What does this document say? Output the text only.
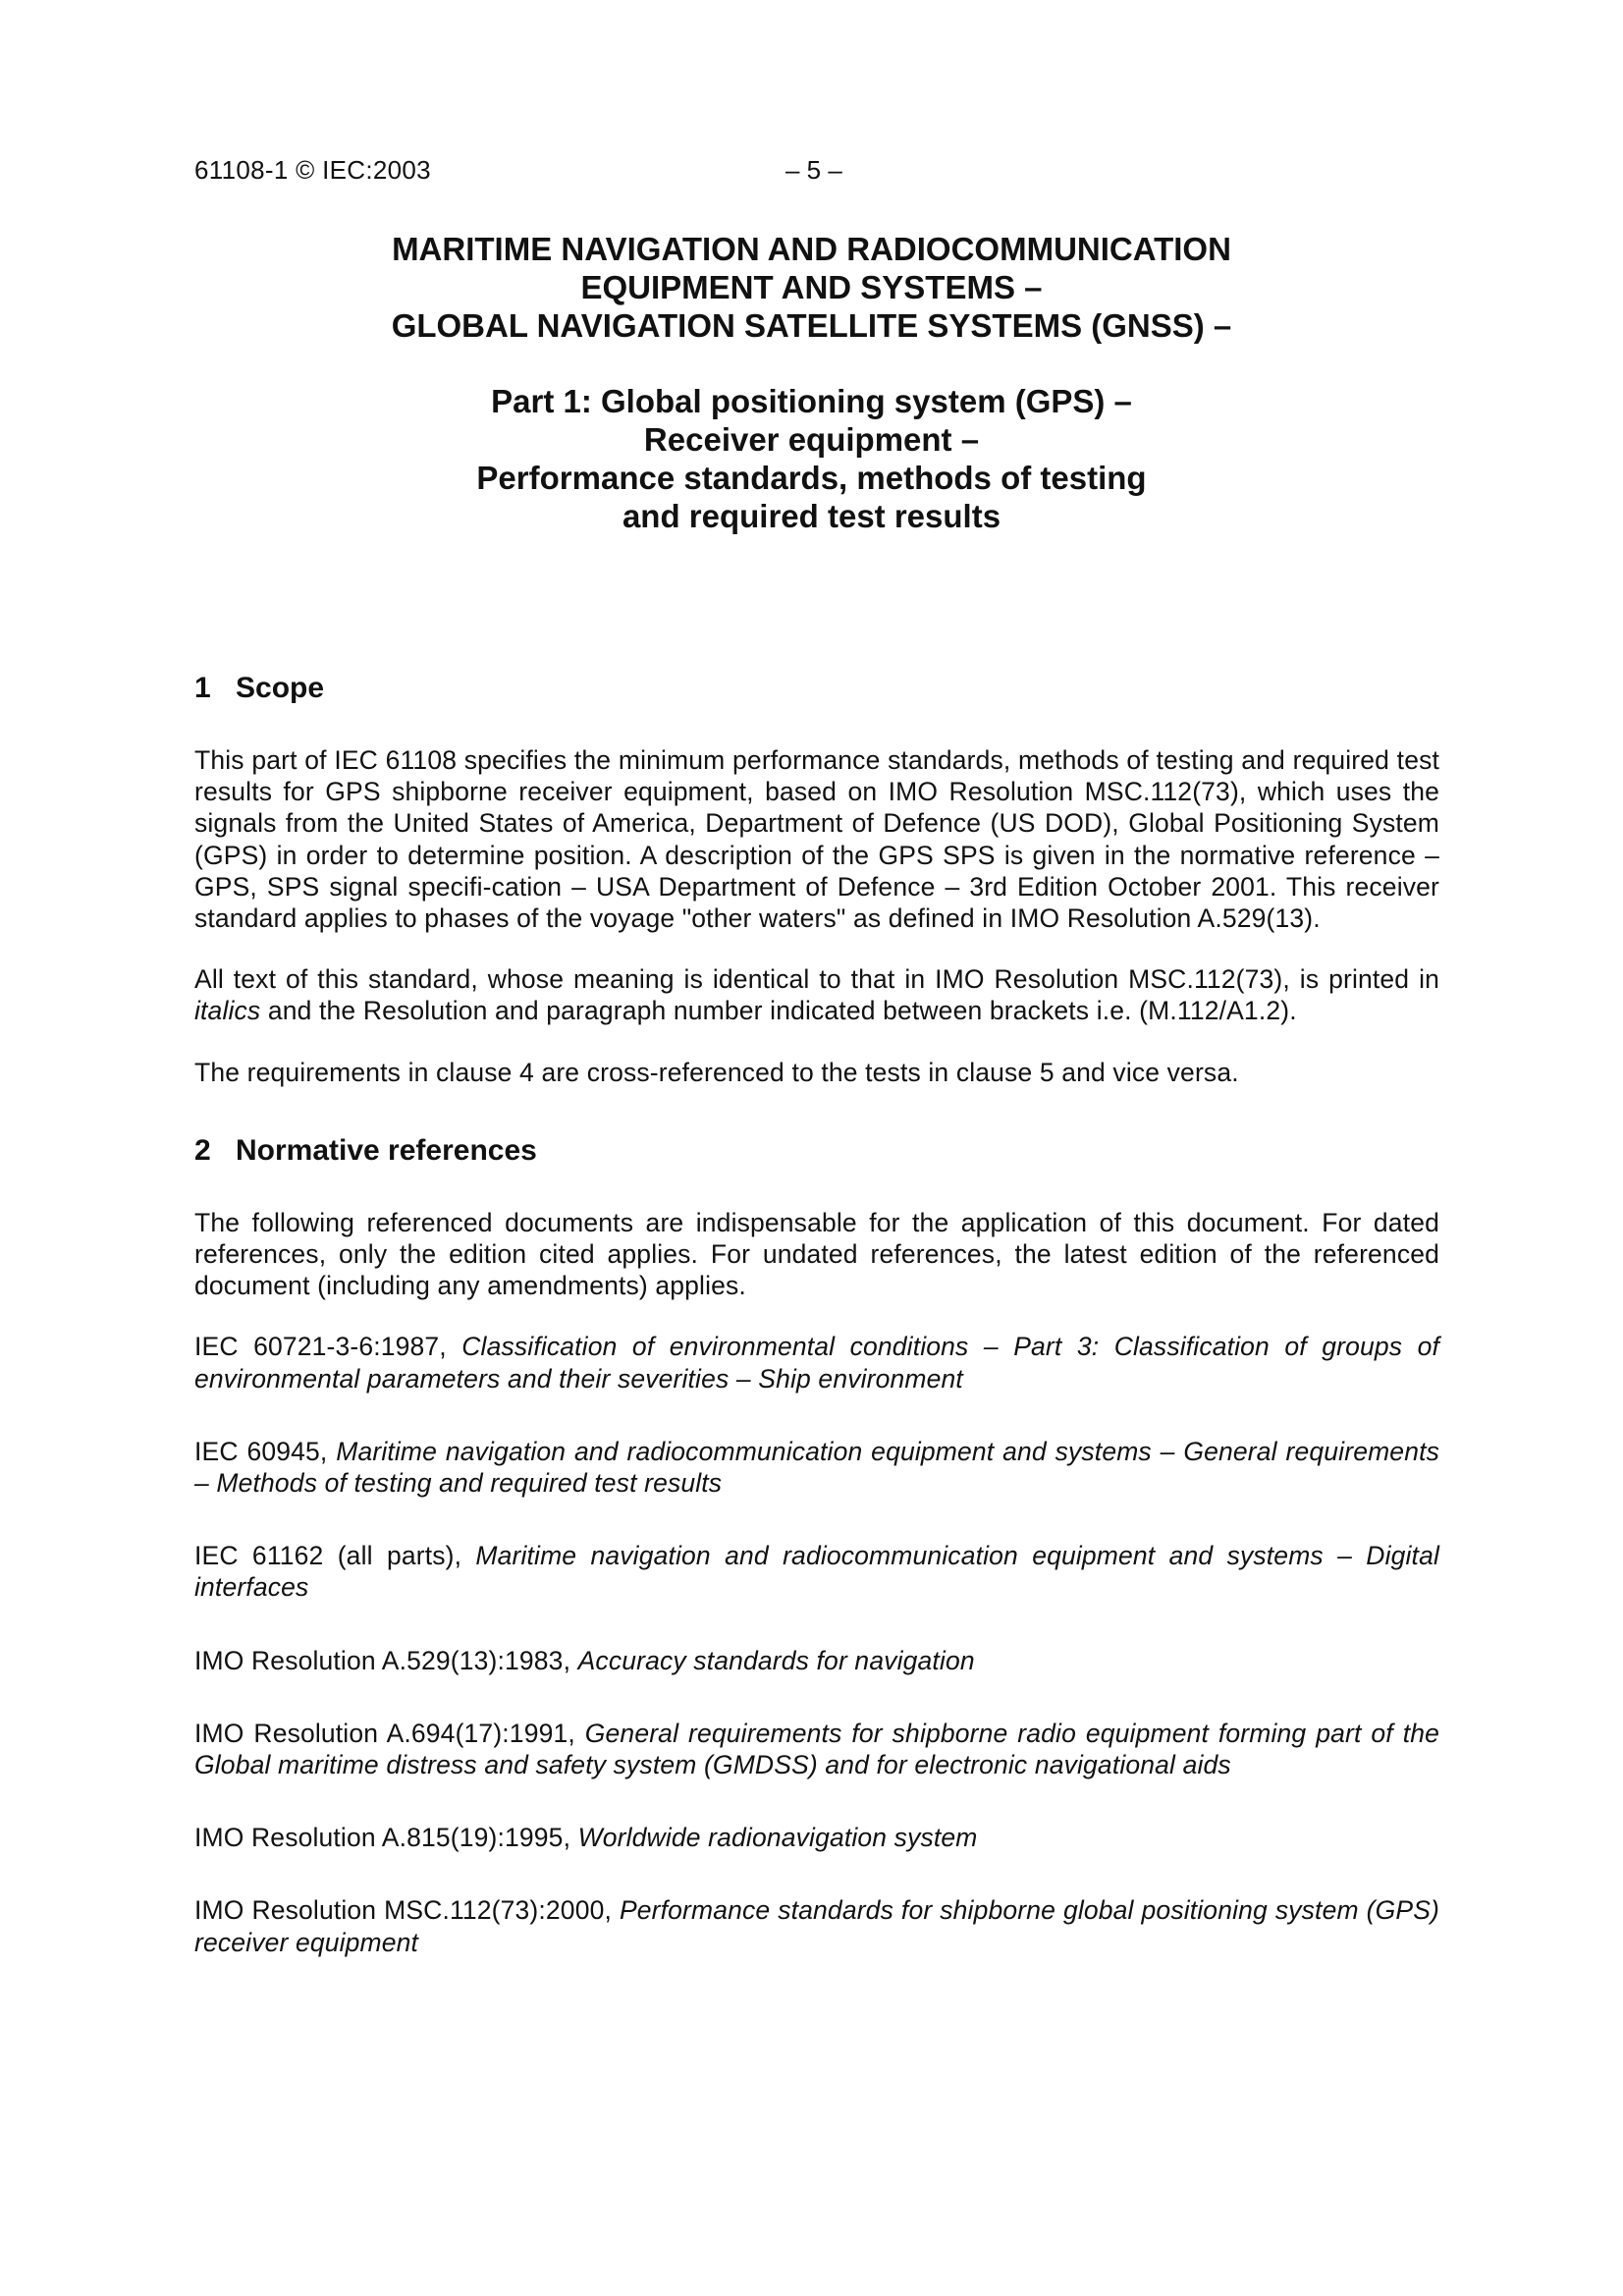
61108-1 © IEC:2003	– 5 –
MARITIME NAVIGATION AND RADIOCOMMUNICATION
EQUIPMENT AND SYSTEMS –
GLOBAL NAVIGATION SATELLITE SYSTEMS (GNSS) –
Part 1: Global positioning system (GPS) –
Receiver equipment –
Performance standards, methods of testing
and required test results
1 Scope

This part of IEC 61108 specifies the minimum performance standards, methods of testing and required test results for GPS shipborne receiver equipment, based on IMO Resolution MSC.112(73), which uses the signals from the United States of America, Department of Defence (US DOD), Global Positioning System (GPS) in order to determine position. A description of the GPS SPS is given in the normative reference – GPS, SPS signal specifi-cation – USA Department of Defence – 3rd Edition October 2001. This receiver standard applies to phases of the voyage "other waters" as defined in IMO Resolution A.529(13).

All text of this standard, whose meaning is identical to that in IMO Resolution MSC.112(73), is printed in italics and the Resolution and paragraph number indicated between brackets i.e. (M.112/A1.2).

The requirements in clause 4 are cross-referenced to the tests in clause 5 and vice versa.

2 Normative references

The following referenced documents are indispensable for the application of this document. For dated references, only the edition cited applies. For undated references, the latest edition of the referenced document (including any amendments) applies.

IEC 60721-3-6:1987, Classification of environmental conditions – Part 3: Classification of groups of environmental parameters and their severities – Ship environment

IEC 60945, Maritime navigation and radiocommunication equipment and systems – General requirements – Methods of testing and required test results

IEC 61162 (all parts), Maritime navigation and radiocommunication equipment and systems – Digital interfaces

IMO Resolution A.529(13):1983, Accuracy standards for navigation

IMO Resolution A.694(17):1991, General requirements for shipborne radio equipment forming part of the Global maritime distress and safety system (GMDSS) and for electronic navigational aids

IMO Resolution A.815(19):1995, Worldwide radionavigation system

IMO Resolution MSC.112(73):2000, Performance standards for shipborne global positioning system (GPS) receiver equipment
